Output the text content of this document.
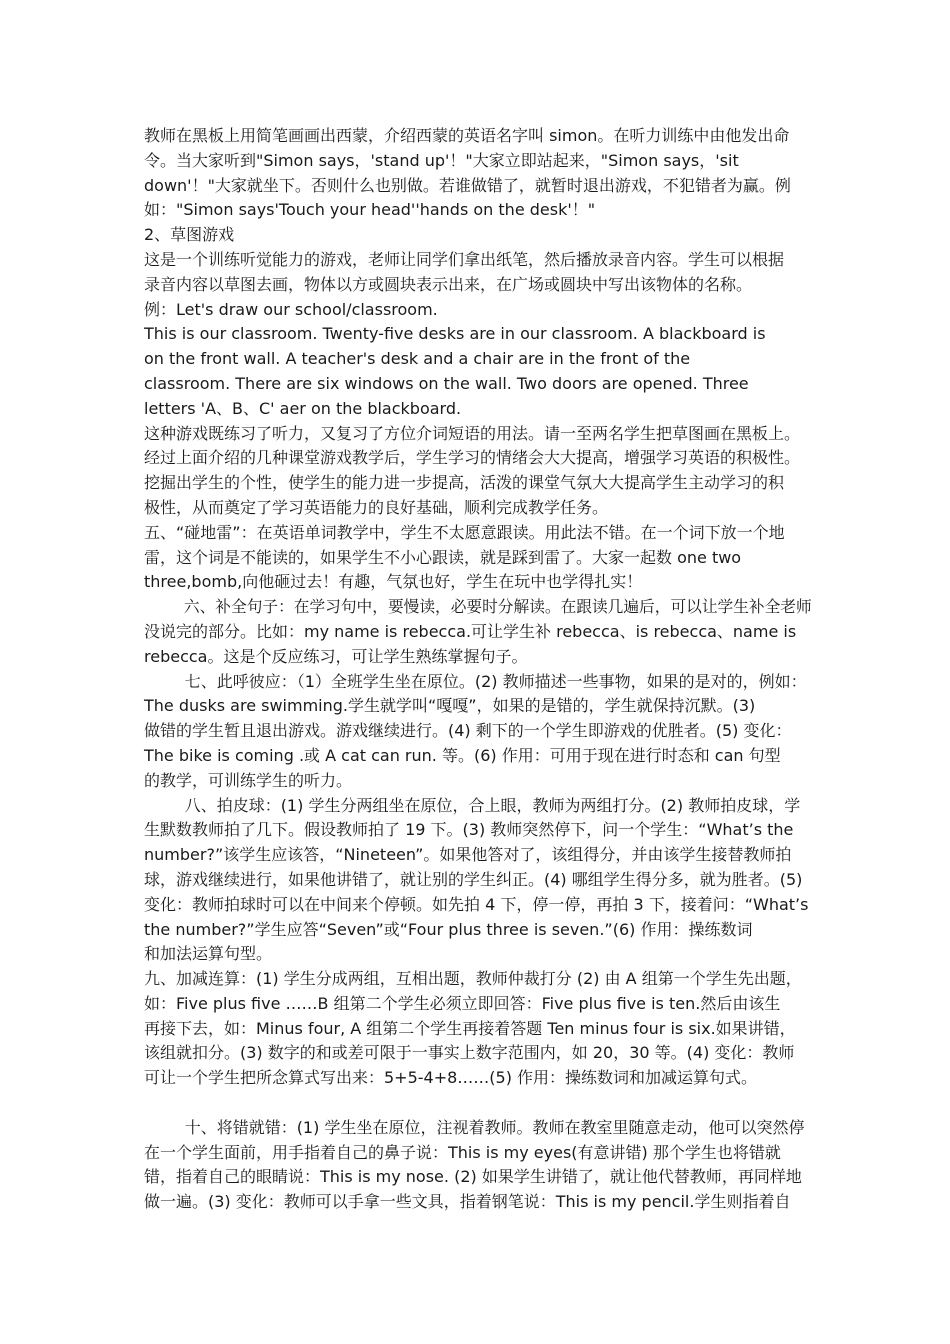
教师在黑板上用简笔画画出西蒙，介绍西蒙的英语名字叫 simon。在听力训练中由他发出命
令。当大家听到"Simon says，'stand up'！"大家立即站起来，"Simon says，'sit
down'！"大家就坐下。否则什么也别做。若谁做错了，就暂时退出游戏，不犯错者为赢。例
如："Simon says'Touch your head''hands on the desk'！"
2、草图游戏
这是一个训练听觉能力的游戏，老师让同学们拿出纸笔，然后播放录音内容。学生可以根据
录音内容以草图去画，物体以方或圆块表示出来，在广场或圆块中写出该物体的名称。
例：Let's draw our school/classroom.
This is our classroom. Twenty-five desks are in our classroom. A blackboard is
on the front wall. A teacher's desk and a chair are in the front of the
classroom. There are six windows on the wall. Two doors are opened. Three
letters 'A、B、C' aer on the blackboard.
这种游戏既练习了听力，又复习了方位介词短语的用法。请一至两名学生把草图画在黑板上。
经过上面介绍的几种课堂游戏教学后，学生学习的情绪会大大提高，增强学习英语的积极性。
挖掘出学生的个性，使学生的能力进一步提高，活泼的课堂气氛大大提高学生主动学习的积
极性，从而奠定了学习英语能力的良好基础，顺利完成教学任务。
五、“碰地雷”：在英语单词教学中，学生不太愿意跟读。用此法不错。在一个词下放一个地
雷，这个词是不能读的，如果学生不小心跟读，就是踩到雷了。大家一起数 one two
three,bomb,向他砸过去！有趣，气氛也好，学生在玩中也学得扎实！
六、补全句子：在学习句中，要慢读，必要时分解读。在跟读几遍后，可以让学生补全老师
没说完的部分。比如：my name is rebecca.可让学生补 rebecca、is rebecca、name is
rebecca。这是个反应练习，可让学生熟练掌握句子。
七、此呼彼应：（1）全班学生坐在原位。(2) 教师描述一些事物，如果的是对的，例如：
The dusks are swimming.学生就学叫“嘎嘎”，如果的是错的，学生就保持沉默。(3)
做错的学生暂且退出游戏。游戏继续进行。(4) 剩下的一个学生即游戏的优胜者。(5) 变化：
The bike is coming .或 A cat can run. 等。(6) 作用：可用于现在进行时态和 can 句型
的教学，可训练学生的听力。
八、拍皮球：(1) 学生分两组坐在原位，合上眼，教师为两组打分。(2) 教师拍皮球，学
生默数教师拍了几下。假设教师拍了 19 下。(3) 教师突然停下，问一个学生：“What’s the
number?”该学生应该答，“Nineteen”。如果他答对了，该组得分，并由该学生接替教师拍
球，游戏继续进行，如果他讲错了，就让别的学生纠正。(4) 哪组学生得分多，就为胜者。(5)
变化：教师拍球时可以在中间来个停顿。如先拍 4 下，停一停，再拍 3 下，接着问：“What’s
the number?”学生应答“Seven”或“Four plus three is seven.”(6) 作用：操练数词
和加法运算句型。
九、加减连算：(1) 学生分成两组，互相出题，教师仲裁打分 (2) 由 A 组第一个学生先出题，
如：Five plus five ……B 组第二个学生必须立即回答：Five plus five is ten.然后由该生
再接下去，如：Minus four, A 组第二个学生再接着答题 Ten minus four is six.如果讲错，
该组就扣分。(3) 数字的和或差可限于一事实上数字范围内，如 20，30 等。(4) 变化：教师
可让一个学生把所念算式写出来：5+5-4+8……(5) 作用：操练数词和加减运算句式。
十、将错就错：(1) 学生坐在原位，注视着教师。教师在教室里随意走动，他可以突然停
在一个学生面前，用手指着自己的鼻子说：This is my eyes(有意讲错) 那个学生也将错就
错，指着自己的眼睛说：This is my nose. (2) 如果学生讲错了，就让他代替教师，再同样地
做一遍。(3) 变化：教师可以手拿一些文具，指着钢笔说：This is my pencil.学生则指着自
